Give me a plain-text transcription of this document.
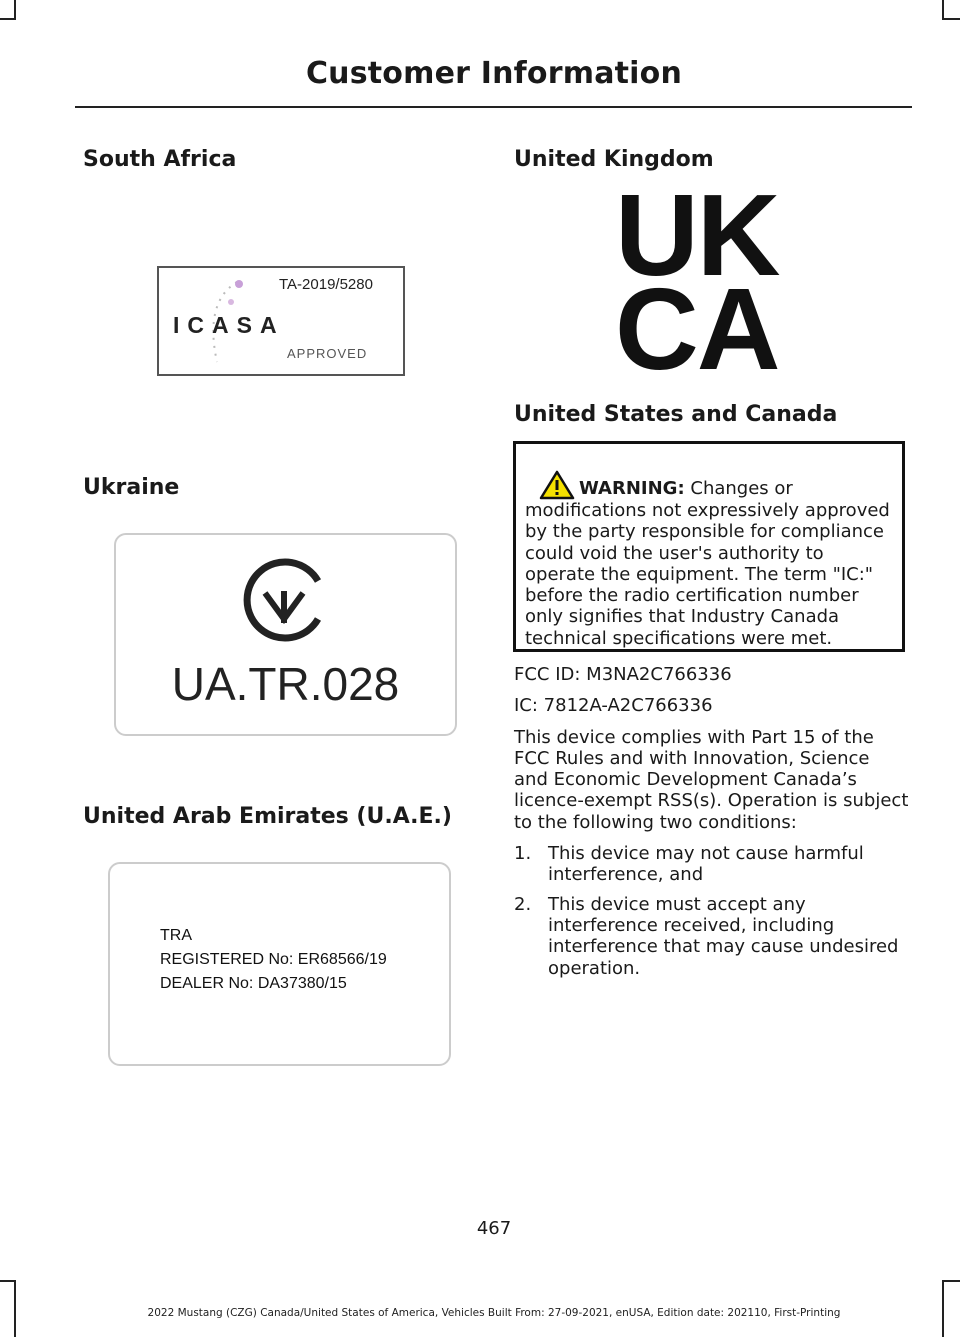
Customer Information
South Africa
TA-2019/5280
ICASA
APPROVED
Ukraine
UA.TR.028
United Arab Emirates (U.A.E.)
TRA
REGISTERED No: ER68566/19
DEALER No: DA37380/15
United Kingdom
UK
CA
United States and Canada
WARNING: Changes or modifications not expressively approved by the party responsible for compliance could void the user's authority to operate the equipment. The term "IC:" before the radio certification number only signifies that Industry Canada technical specifications were met.

FCC ID: M3NA2C766336

IC: 7812A-A2C766336

This device complies with Part 15 of the FCC Rules and with Innovation, Science and Economic Development Canada’s licence-exempt RSS(s). Operation is subject to the following two conditions:

1. This device may not cause harmful interference, and
2. This device must accept any interference received, including interference that may cause undesired operation.
467
2022 Mustang (CZG) Canada/United States of America, Vehicles Built From: 27-09-2021, enUSA, Edition date: 202110, First-Printing
